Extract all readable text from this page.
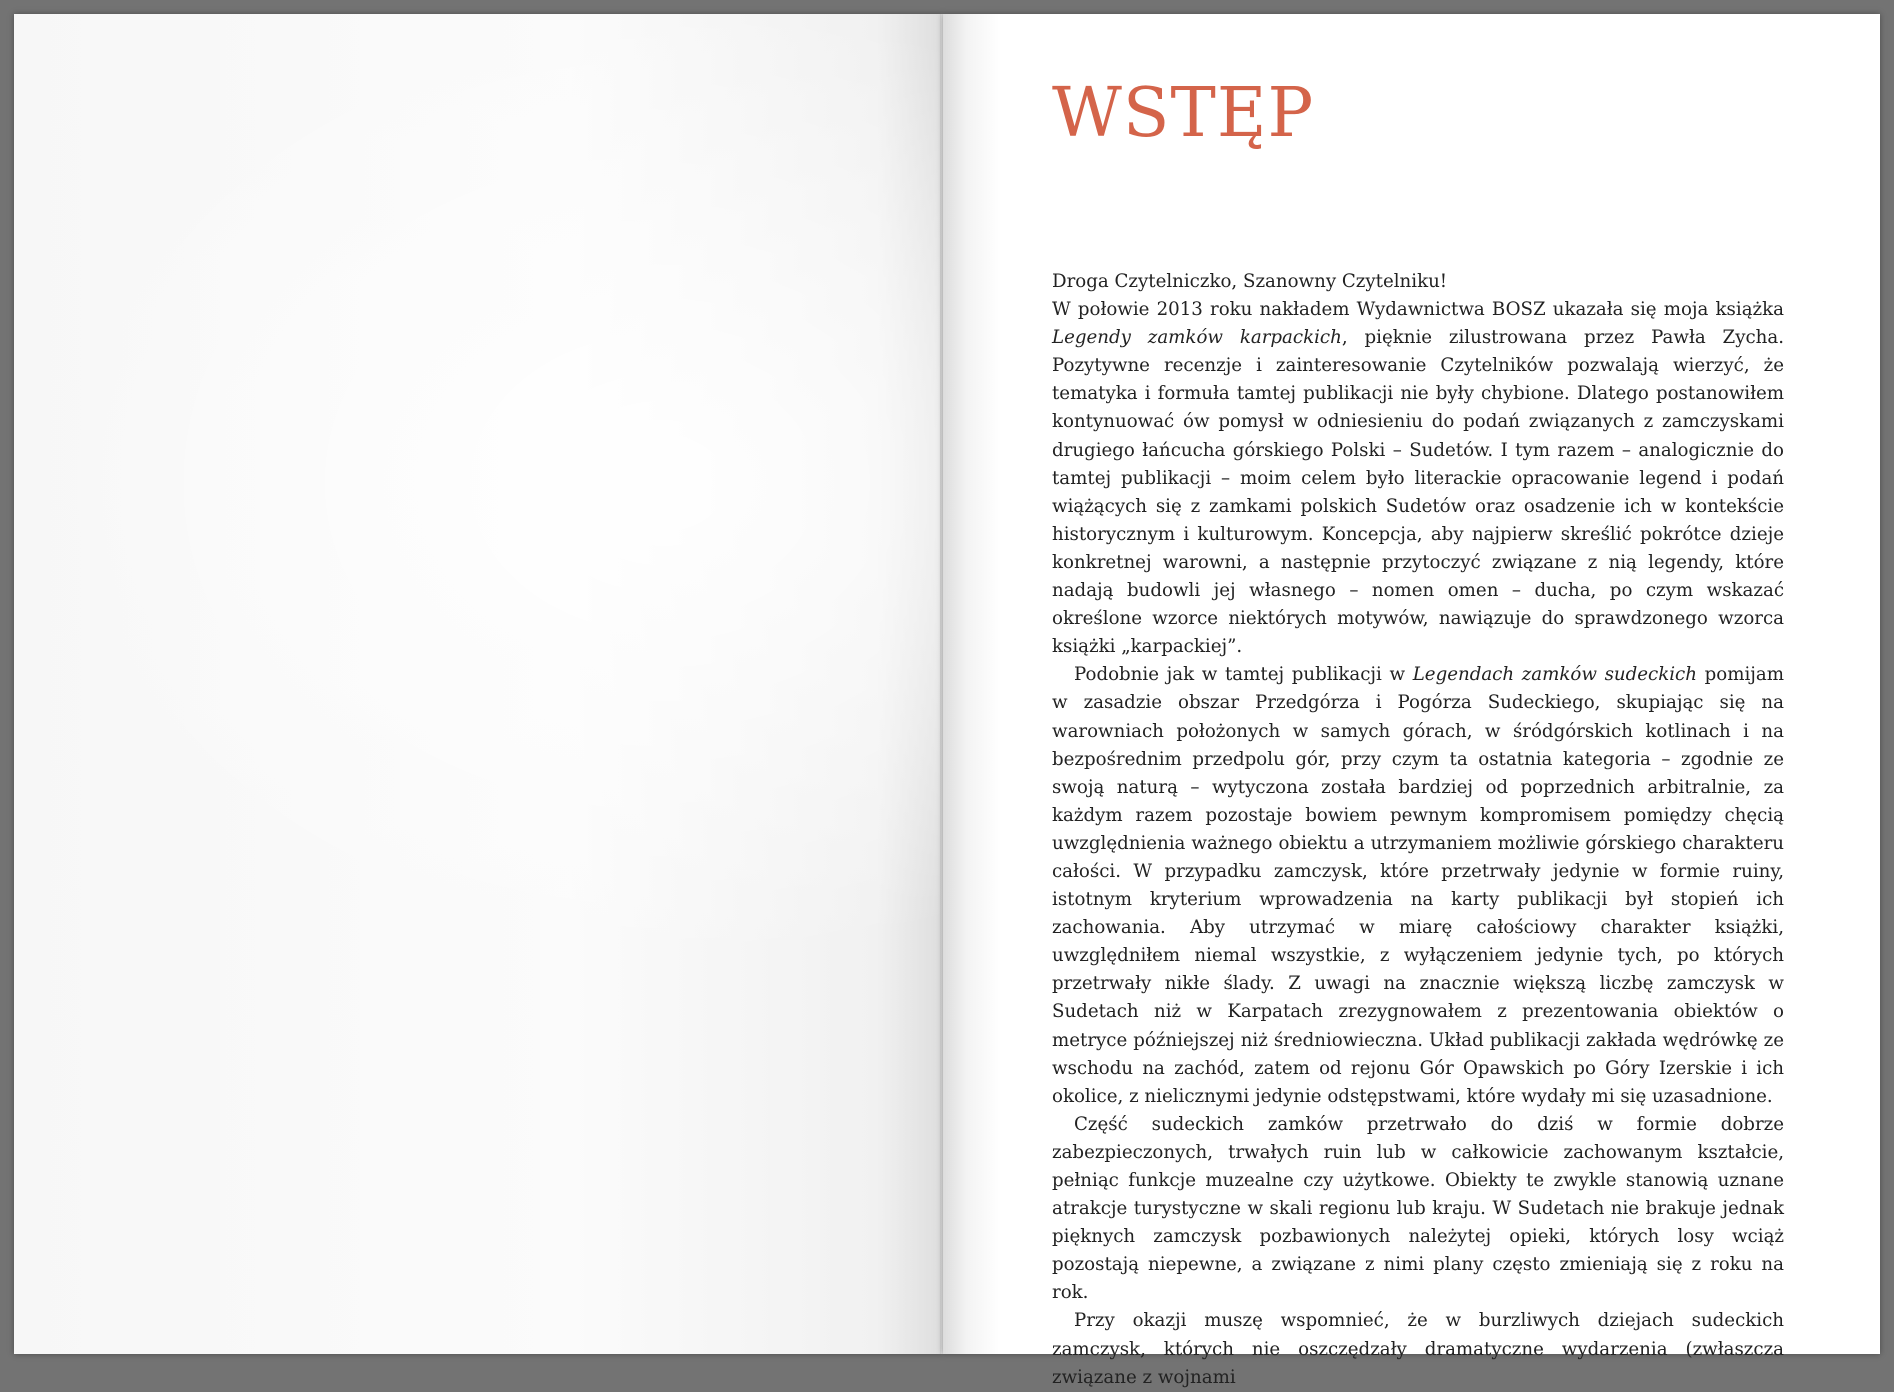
WSTĘP

Droga Czytelniczko, Szanowny Czytelniku!

W połowie 2013 roku nakładem Wydawnictwa BOSZ ukazała się moja książka Legendy zamków karpackich, pięknie zilustrowana przez Pawła Zycha. Pozytywne recenzje i zainteresowanie Czytelników pozwalają wierzyć, że tematyka i formuła tamtej publikacji nie były chybione. Dlatego postanowiłem kontynuować ów pomysł w odniesieniu do podań związanych z zamczyskami drugiego łańcucha górskiego Polski – Sudetów. I tym razem – analogicznie do tamtej publikacji – moim celem było literackie opracowanie legend i podań wiążących się z zamkami polskich Sudetów oraz osadzenie ich w kontekście historycznym i kulturowym. Koncepcja, aby najpierw skreślić pokrótce dzieje konkretnej warowni, a następnie przytoczyć związane z nią legendy, które nadają budowli jej własnego – nomen omen – ducha, po czym wskazać określone wzorce niektórych motywów, nawiązuje do sprawdzonego wzorca książki „karpackiej”.

Podobnie jak w tamtej publikacji w Legendach zamków sudeckich pomijam w zasadzie obszar Przedgórza i Pogórza Sudeckiego, skupiając się na warowniach położonych w samych górach, w śródgórskich kotlinach i na bezpośrednim przedpolu gór, przy czym ta ostatnia kategoria – zgodnie ze swoją naturą – wytyczona została bardziej od poprzednich arbitralnie, za każdym razem pozostaje bowiem pewnym kompromisem pomiędzy chęcią uwzględnienia ważnego obiektu a utrzymaniem możliwie górskiego charakteru całości. W przypadku zamczysk, które przetrwały jedynie w formie ruiny, istotnym kryterium wprowadzenia na karty publikacji był stopień ich zachowania. Aby utrzymać w miarę całościowy charakter książki, uwzględniłem niemal wszystkie, z wyłączeniem jedynie tych, po których przetrwały nikłe ślady. Z uwagi na znacznie większą liczbę zamczysk w Sudetach niż w Karpatach zrezygnowałem z prezentowania obiektów o metryce późniejszej niż średniowieczna. Układ publikacji zakłada wędrówkę ze wschodu na zachód, zatem od rejonu Gór Opawskich po Góry Izerskie i ich okolice, z nielicznymi jedynie odstępstwami, które wydały mi się uzasadnione.

Część sudeckich zamków przetrwało do dziś w formie dobrze zabezpieczonych, trwałych ruin lub w całkowicie zachowanym kształcie, pełniąc funkcje muzealne czy użytkowe. Obiekty te zwykle stanowią uznane atrakcje turystyczne w skali regionu lub kraju. W Sudetach nie brakuje jednak pięknych zamczysk pozbawionych należytej opieki, których losy wciąż pozostają niepewne, a związane z nimi plany często zmieniają się z roku na rok.

Przy okazji muszę wspomnieć, że w burzliwych dziejach sudeckich zamczysk, których nie oszczędzały dramatyczne wydarzenia (zwłaszcza związane z wojnami
